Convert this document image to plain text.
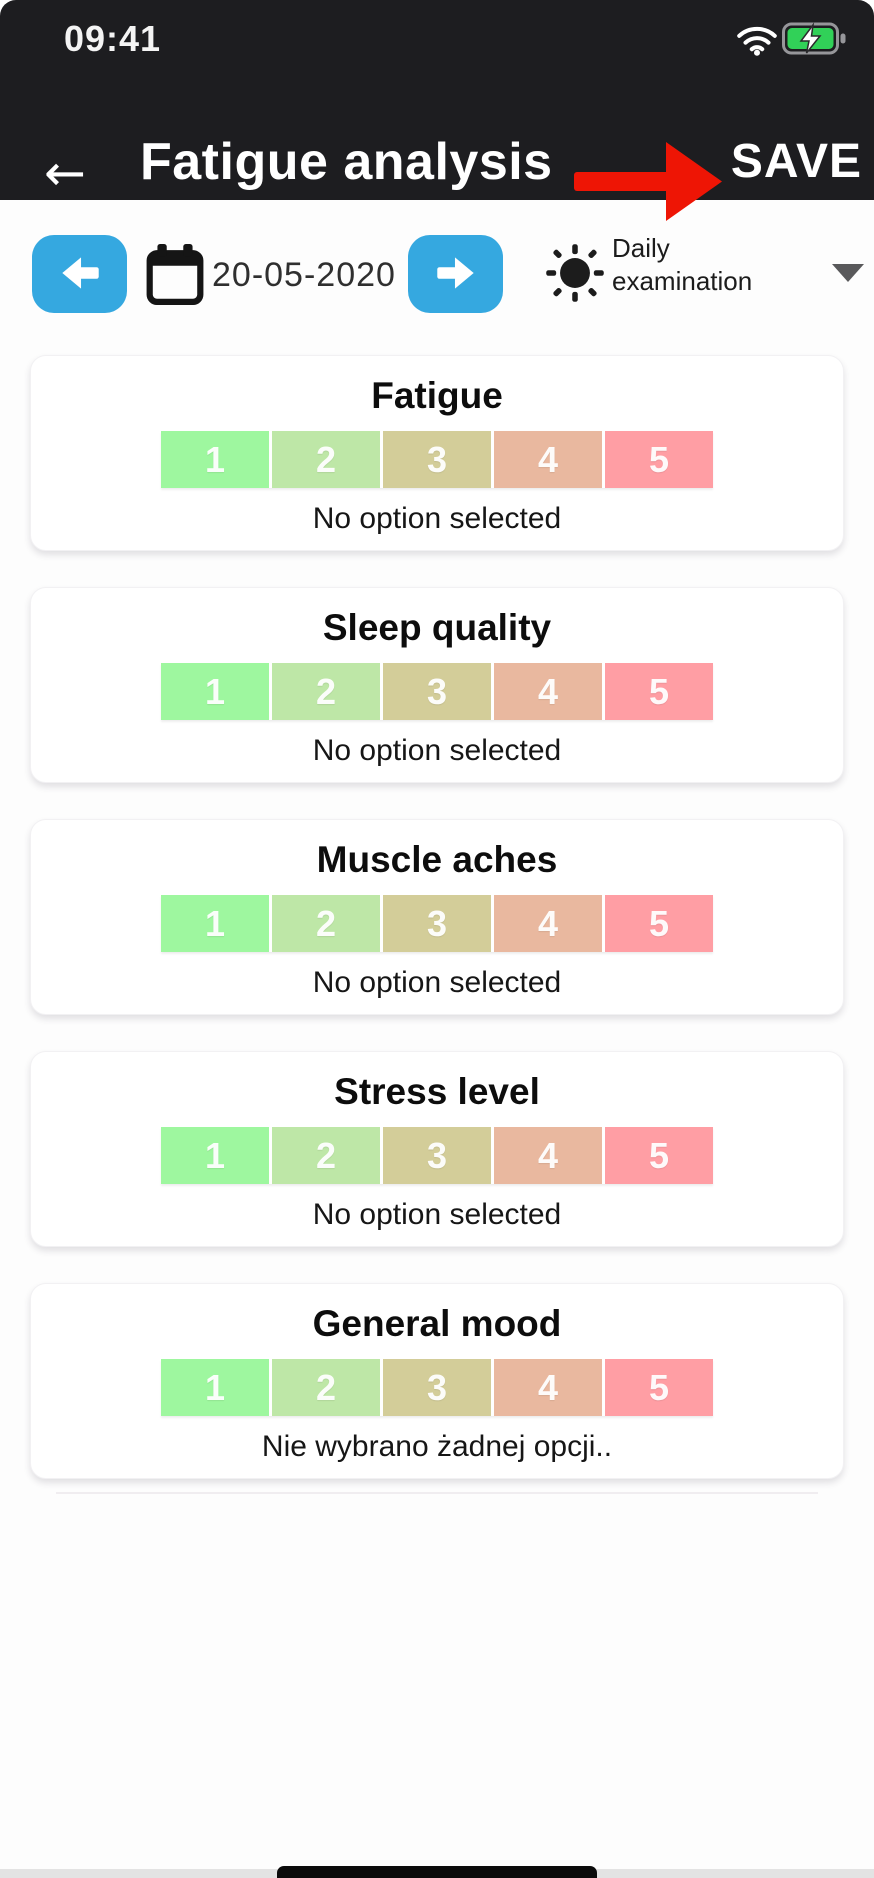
09:41
← Fatigue analysis	SAVE
20-05-2020
Daily
examination
Fatigue
1	2	3	4	5

No option selected

Sleep quality
1	2	3	4	5

No option selected

Muscle aches
1	2	3	4	5

No option selected

Stress level
1	2	3	4	5

No option selected

General mood
1	2	3	4	5

Nie wybrano żadnej opcji..
